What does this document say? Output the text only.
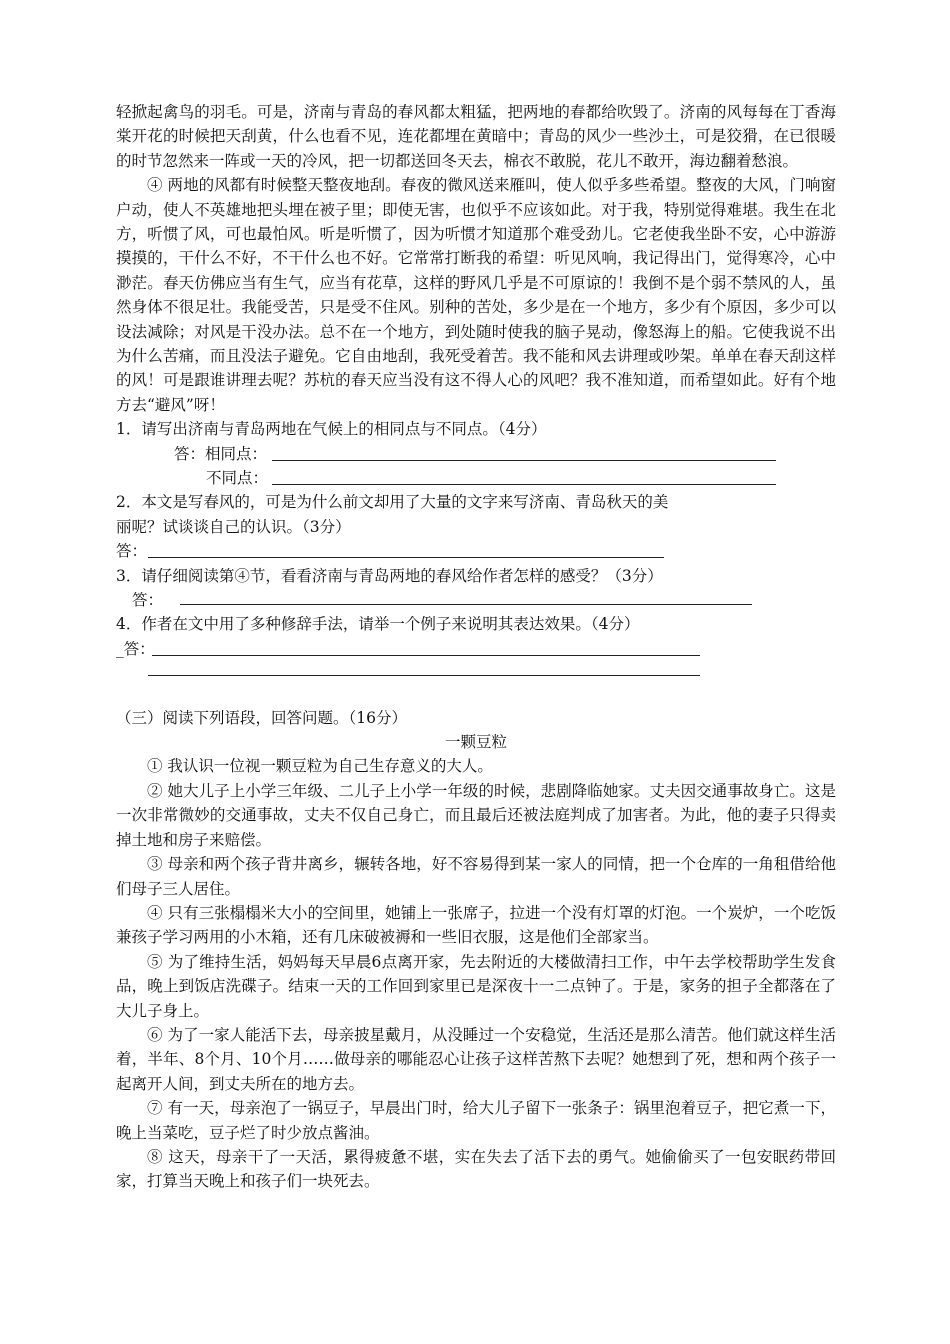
轻掀起禽鸟的羽毛。可是，济南与青岛的春风都太粗猛，把两地的春都给吹毁了。济南的风每每在丁香海棠开花的时候把天刮黄，什么也看不见，连花都埋在黄暗中；青岛的风少一些沙土，可是狡猾，在已很暖的时节忽然来一阵或一天的冷风，把一切都送回冬天去，棉衣不敢脱，花儿不敢开，海边翻着愁浪。

④ 两地的风都有时候整天整夜地刮。春夜的微风送来雁叫，使人似乎多些希望。整夜的大风，门响窗户动，使人不英雄地把头埋在被子里；即使无害，也似乎不应该如此。对于我，特别觉得难堪。我生在北方，听惯了风，可也最怕风。听是听惯了，因为听惯才知道那个难受劲儿。它老使我坐卧不安，心中游游摸摸的，干什么不好，不干什么也不好。它常常打断我的希望：听见风响，我记得出门，觉得寒冷，心中渺茫。春天仿佛应当有生气，应当有花草，这样的野风几乎是不可原谅的！我倒不是个弱不禁风的人，虽然身体不很足壮。我能受苦，只是受不住风。别种的苦处，多少是在一个地方，多少有个原因，多少可以设法减除；对风是干没办法。总不在一个地方，到处随时使我的脑子晃动，像怒海上的船。它使我说不出为什么苦痛，而且没法子避免。它自由地刮，我死受着苦。我不能和风去讲理或吵架。单单在春天刮这样的风！可是跟谁讲理去呢？苏杭的春天应当没有这不得人心的风吧？我不准知道，而希望如此。好有个地方去“避风”呀！

1．请写出济南与青岛两地在气候上的相同点与不同点。（4分）

答：相同点：
不同点：

2．本文是写春风的，可是为什么前文却用了大量的文字来写济南、青岛秋天的美

丽呢？试谈谈自己的认识。（3分）

答：

3．请仔细阅读第④节，看看济南与青岛两地的春风给作者怎样的感受？（3分）

答：

4．作者在文中用了多种修辞手法，请举一个例子来说明其表达效果。（4分）

_答：

（三）阅读下列语段，回答问题。（16分）

一颗豆粒

① 我认识一位视一颗豆粒为自己生存意义的大人。

② 她大儿子上小学三年级、二儿子上小学一年级的时候，悲剧降临她家。丈夫因交通事故身亡。这是一次非常微妙的交通事故，丈夫不仅自己身亡，而且最后还被法庭判成了加害者。为此，他的妻子只得卖掉土地和房子来赔偿。

③ 母亲和两个孩子背井离乡，辗转各地，好不容易得到某一家人的同情，把一个仓库的一角租借给他们母子三人居住。

④ 只有三张榻榻米大小的空间里，她铺上一张席子，拉进一个没有灯罩的灯泡。一个炭炉，一个吃饭兼孩子学习两用的小木箱，还有几床破被褥和一些旧衣服，这是他们全部家当。

⑤ 为了维持生活，妈妈每天早晨6点离开家，先去附近的大楼做清扫工作，中午去学校帮助学生发食品，晚上到饭店洗碟子。结束一天的工作回到家里已是深夜十一二点钟了。于是，家务的担子全都落在了大儿子身上。

⑥ 为了一家人能活下去，母亲披星戴月，从没睡过一个安稳觉，生活还是那么清苦。他们就这样生活着，半年、8个月、10个月……做母亲的哪能忍心让孩子这样苦熬下去呢？她想到了死，想和两个孩子一起离开人间，到丈夫所在的地方去。

⑦ 有一天，母亲泡了一锅豆子，早晨出门时，给大儿子留下一张条子：锅里泡着豆子，把它煮一下，晚上当菜吃，豆子烂了时少放点酱油。

⑧ 这天，母亲干了一天活，累得疲惫不堪，实在失去了活下去的勇气。她偷偷买了一包安眠药带回家，打算当天晚上和孩子们一块死去。
